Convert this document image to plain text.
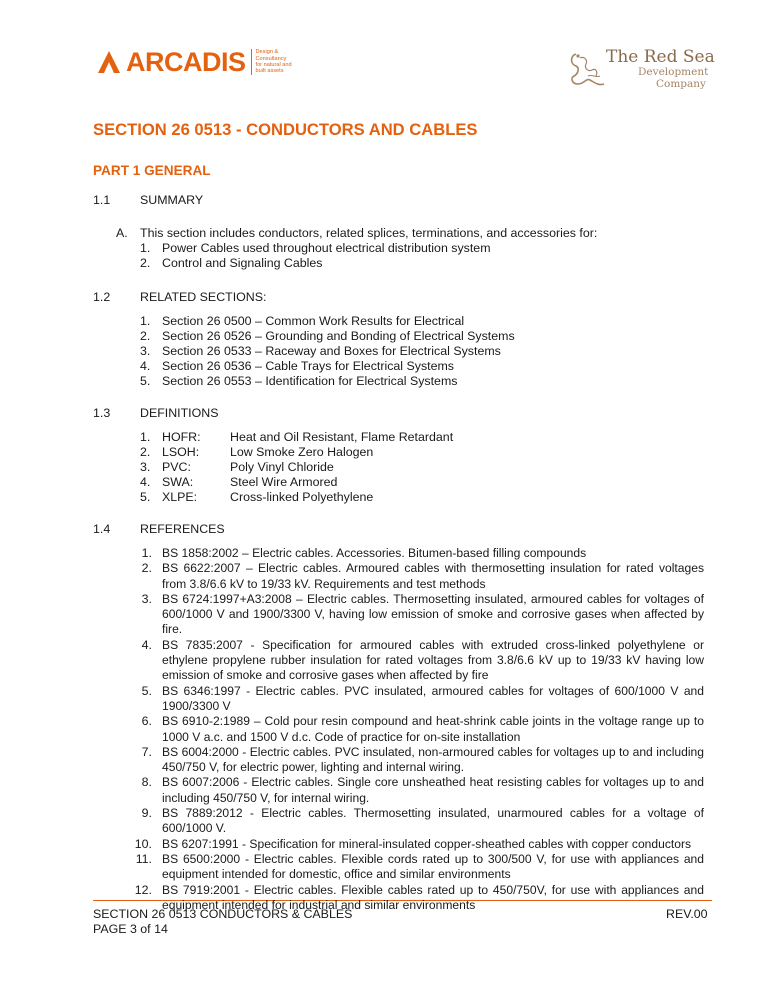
ARCADIS Design & Consultancy
for natural and
built assets
The Red Sea
Development
Company
SECTION 26 0513 - CONDUCTORS AND CABLES
PART 1 GENERAL
1.1 SUMMARY
A. This section includes conductors, related splices, terminations, and accessories for:
1. Power Cables used throughout electrical distribution system
2. Control and Signaling Cables
1.2 RELATED SECTIONS:
1. Section 26 0500 – Common Work Results for Electrical
2. Section 26 0526 – Grounding and Bonding of Electrical Systems
3. Section 26 0533 – Raceway and Boxes for Electrical Systems
4. Section 26 0536 – Cable Trays for Electrical Systems
5. Section 26 0553 – Identification for Electrical Systems
1.3 DEFINITIONS
1. HOFR: Heat and Oil Resistant, Flame Retardant
2. LSOH: Low Smoke Zero Halogen
3. PVC:	Poly Vinyl Chloride
4. SWA:	Steel Wire Armored
5. XLPE:	Cross-linked Polyethylene
1.4 REFERENCES
SECTION 26 0513 CONDUCTORS & CABLES
PAGE 3 of 14
REV.00
1. BS 1858:2002 – Electric cables. Accessories. Bitumen-based filling compounds
2. BS 6622:2007 – Electric cables. Armoured cables with thermosetting insulation for rated voltages from 3.8/6.6 kV to 19/33 kV. Requirements and test methods
3. BS 6724:1997+A3:2008 – Electric cables. Thermosetting insulated, armoured cables for voltages of 600/1000 V and 1900/3300 V, having low emission of smoke and corrosive gases when affected by fire.
4. BS 7835:2007 - Specification for armoured cables with extruded cross-linked polyethylene or ethylene propylene rubber insulation for rated voltages from 3.8/6.6 kV up to 19/33 kV having low emission of smoke and corrosive gases when affected by fire
5. BS 6346:1997 - Electric cables. PVC insulated, armoured cables for voltages of 600/1000 V and 1900/3300 V
6. BS 6910-2:1989 – Cold pour resin compound and heat-shrink cable joints in the voltage range up to 1000 V a.c. and 1500 V d.c. Code of practice for on-site installation
7. BS 6004:2000 - Electric cables. PVC insulated, non-armoured cables for voltages up to and including 450/750 V, for electric power, lighting and internal wiring.
8. BS 6007:2006 - Electric cables. Single core unsheathed heat resisting cables for voltages up to and including 450/750 V, for internal wiring.
9. BS 7889:2012 - Electric cables. Thermosetting insulated, unarmoured cables for a voltage of 600/1000 V.
10. BS 6207:1991 - Specification for mineral-insulated copper-sheathed cables with copper conductors
11. BS 6500:2000 - Electric cables. Flexible cords rated up to 300/500 V, for use with appliances and equipment intended for domestic, office and similar environments
12. BS 7919:2001 - Electric cables. Flexible cables rated up to 450/750V, for use with appliances and equipment intended for industrial and similar environments
